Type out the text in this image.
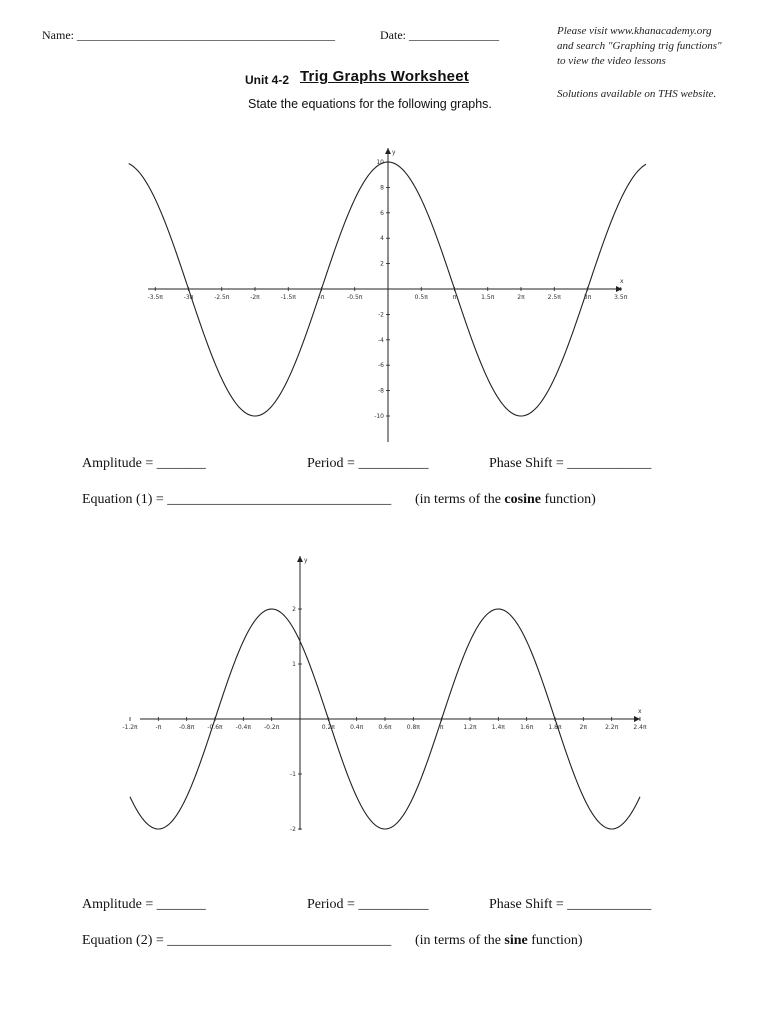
Name: ___________________________________________	Date: _______________	Please visit www.khanacademy.org
and search "Graphing trig functions"
to view the video lessons
Solutions available on THS website.
Unit 4-2 Trig Graphs Worksheet
State the equations for the following graphs.
x
y
-3.5π	-3π	-2.5π	-2π	-1.5π	-π	-0.5π	0.5π	π	1.5π	2π	2.5π	3π	3.5π
10
8
6
4
2
-2
-4
-6
-8
-10
Amplitude = _______	Period = __________	Phase Shift = ____________
Equation (1) = ________________________________ (in terms of the cosine function)
x
y
-1.2π	-π	-0.8π -0.6π -0.4π -0.2π	0.2π	0.4π	0.6π	0.8π	π	1.2π	1.4π	1.6π	1.8π	2π	2.2π	2.4π
2
1
-1
-2
Amplitude = _______	Period = __________	Phase Shift = ____________
Equation (2) = ________________________________ (in terms of the sine function)
